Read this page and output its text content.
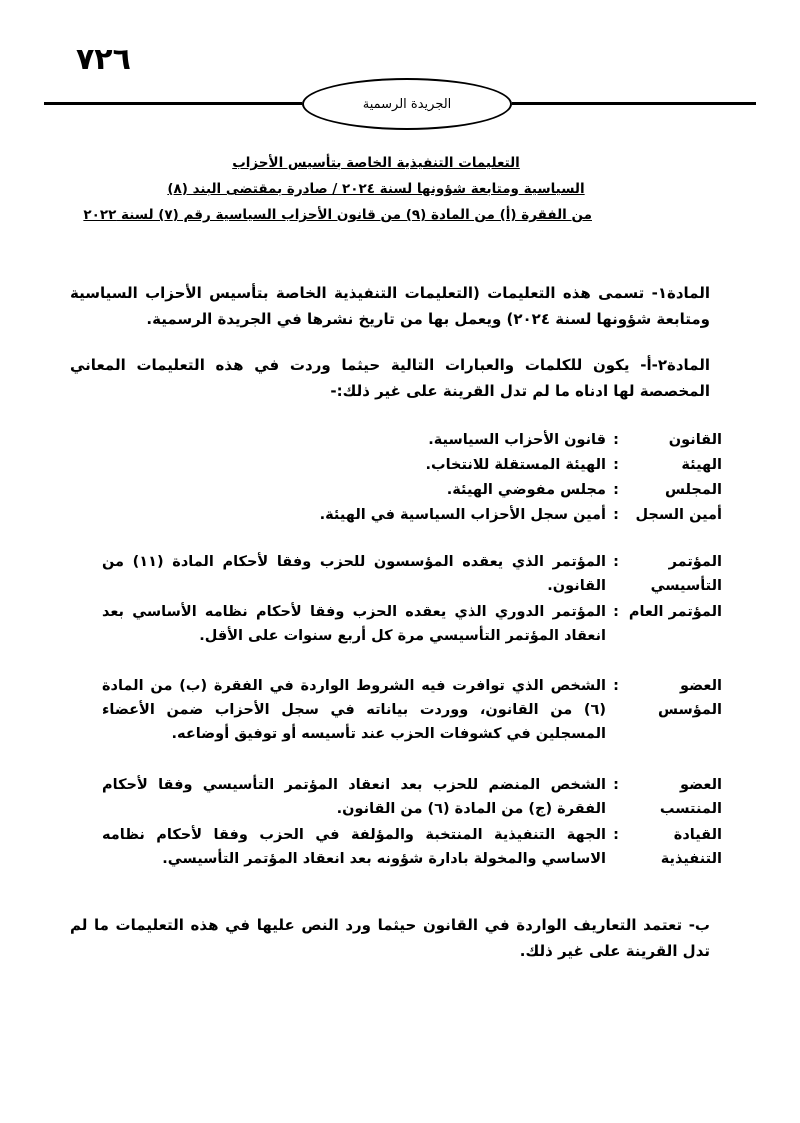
٧٢٦
الجريدة الرسمية
التعليمات التنفيذية الخاصة بتأسيس الأحزاب
السياسية ومتابعة شؤونها لسنة ٢٠٢٤ / صادرة بمقتضى البند (٨)
من الفقرة (أ) من المادة (٩) من قانون الأحزاب السياسية رقم (٧) لسنة ٢٠٢٢
المادة١- تسمى هذه التعليمات (التعليمات التنفيذية الخاصة بتأسيس الأحزاب السياسية ومتابعة شؤونها لسنة ٢٠٢٤) ويعمل بها من تاريخ نشرها في الجريدة الرسمية.
المادة٢-أ- يكون للكلمات والعبارات التالية حيثما وردت في هذه التعليمات المعاني المخصصة لها ادناه ما لم تدل القرينة على غير ذلك:-
القانون
:
قانون الأحزاب السياسية.
الهيئة
:
الهيئة المستقلة للانتخاب.
المجلس
:
مجلس مفوضي الهيئة.
أمين السجل
:
أمين سجل الأحزاب السياسية في الهيئة.
المؤتمر التأسيسي
:
المؤتمر الذي يعقده المؤسسون للحزب وفقا لأحكام المادة (١١) من القانون.
المؤتمر العام
:
المؤتمر الدوري الذي يعقده الحزب وفقا لأحكام نظامه الأساسي بعد انعقاد المؤتمر التأسيسي مرة كل أربع سنوات على الأقل.
العضو المؤسس
:
الشخص الذي توافرت فيه الشروط الواردة في الفقرة (ب) من المادة (٦) من القانون، ووردت بياناته في سجل الأحزاب ضمن الأعضاء المسجلين في كشوفات الحزب عند تأسيسه أو توفيق أوضاعه.
العضو المنتسب
:
الشخص المنضم للحزب بعد انعقاد المؤتمر التأسيسي وفقا لأحكام الفقرة (ج) من المادة (٦) من القانون.
القيادة التنفيذية
:
الجهة التنفيذية المنتخبة والمؤلفة في الحزب وفقا لأحكام نظامه الاساسي والمخولة بادارة شؤونه بعد انعقاد المؤتمر التأسيسي.
ب- تعتمد التعاريف الواردة في القانون حيثما ورد النص عليها في هذه التعليمات ما لم تدل القرينة على غير ذلك.
